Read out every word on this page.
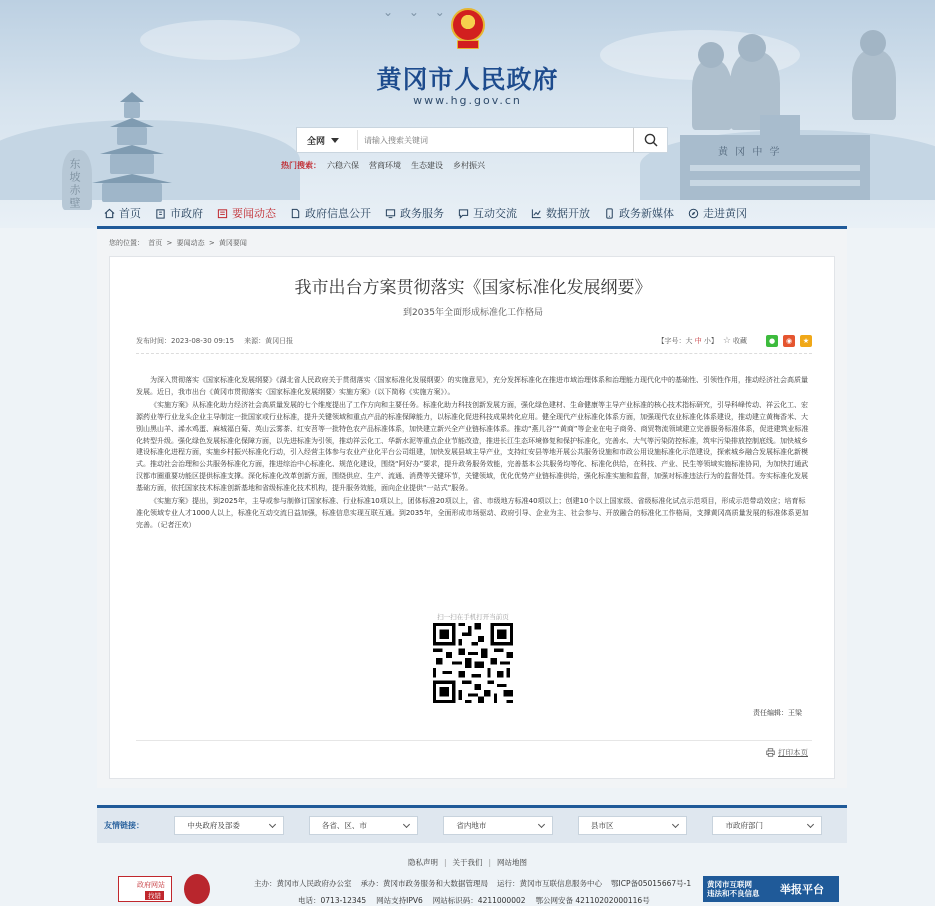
⌄ ⌄ ⌄
东坡赤壁
黄 冈 中 学
黄冈市人民政府
www.hg.gov.cn
全网
请输入搜索关键词
热门搜索： 六稳六保 营商环境 生态建设 乡村振兴
首页	市政府	要闻动态	政府信息公开	政务服务	互动交流	数据开放	政务新媒体	走进黄冈
您的位置： 首页 > 要闻动态 > 黄冈要闻
我市出台方案贯彻落实《国家标准化发展纲要》
到2035年全面形成标准化工作格局
发布时间：2023-08-30 09:15 来源：黄冈日报	【字号：大 中 小】 ☆ 收藏	●	◉	★

为深入贯彻落实《国家标准化发展纲要》《湖北省人民政府关于贯彻落实〈国家标准化发展纲要〉的实施意见》，充分发挥标准化在推进市域治理体系和治理能力现代化中的基础性、引领性作用，推动经济社会高质量发展。近日，我市出台《黄冈市贯彻落实〈国家标准化发展纲要〉实施方案》（以下简称《实施方案》）。

《实施方案》从标准化助力经济社会高质量发展的七个维度提出了工作方向和主要任务。标准化助力科技创新发展方面，强化绿色建材、生命健康等主导产业标准的核心技术指标研究，引导科峰传动、祥云化工、宏源药业等行业龙头企业主导制定一批国家或行业标准，提升关键领域和重点产品的标准保障能力，以标准化促进科技成果转化应用。健全现代产业标准化体系方面，加强现代农业标准化体系建设，推动建立黄梅香米、大别山黑山羊、浠水鸡蛋、麻城福白菊、英山云雾茶、红安苕等一批特色农产品标准体系，加快建立新兴全产业链标准体系。推动“燕儿谷”“黄商”等企业在电子商务、商贸物流领域建立完善服务标准体系，促进建筑业标准化转型升级。强化绿色发展标准化保障方面，以先进标准为引领，推动祥云化工、华新水泥等重点企业节能改造，推进长江生态环境修复和保护标准化，完善水、大气等污染防控标准，筑牢污染排放控制底线。加快城乡建设标准化进程方面，实施乡村振兴标准化行动，引入经营主体参与农业产业化平台公司组建，加快发展县域主导产业，支持红安县等地开展公共服务设施和市政公用设施标准化示范建设，探索城乡融合发展标准化新模式。推动社会治理和公共服务标准化方面，推进综治中心标准化、规范化建设，围绕“阿好办”要求，提升政务服务效能，完善基本公共服务均等化、标准化供给，在科技、产业、民生等领域实施标准协同，为加快打通武汉都市圈重要功能区提供标准支撑。深化标准化改革创新方面，围绕供应、生产、流通、消费等关键环节，关键领域，优化优势产业链标准供给，强化标准实施和监督，加强对标准违法行为的监督处罚。夯实标准化发展基础方面，依托国家技术标准创新基地和省级标准化技术机构，提升服务效能，面向企业提供“一站式”服务。

《实施方案》提出，到2025年，主导或参与制修订国家标准、行业标准10项以上，团体标准20项以上，省、市级地方标准40项以上；创建10个以上国家级、省级标准化试点示范项目，形成示范带动效应；培育标准化领域专业人才1000人以上，标准化互动交流日益加强，标准信息实现互联互通。到2035年，全面形成市场驱动、政府引导、企业为主、社会参与、开放融合的标准化工作格局，支撑黄冈高质量发展的标准体系更加完善。（记者汪欢）

扫一扫在手机打开当前页
责任编辑：王梁
打印本页
友情链接：	中央政府及部委	各省、区、市	省内地市	县市区	市政府部门
隐私声明 | 关于我们 | 网站地图
主办：黄冈市人民政府办公室 承办：黄冈市政务服务和大数据管理局 运行：黄冈市互联信息服务中心 鄂ICP备05015667号-1
电话：0713-12345 网站支持IPV6 网站标识码：4211000002 鄂公网安备 42110202000116号
政府网站
找错
黄冈市互联网
违法和不良信息	举报平台
